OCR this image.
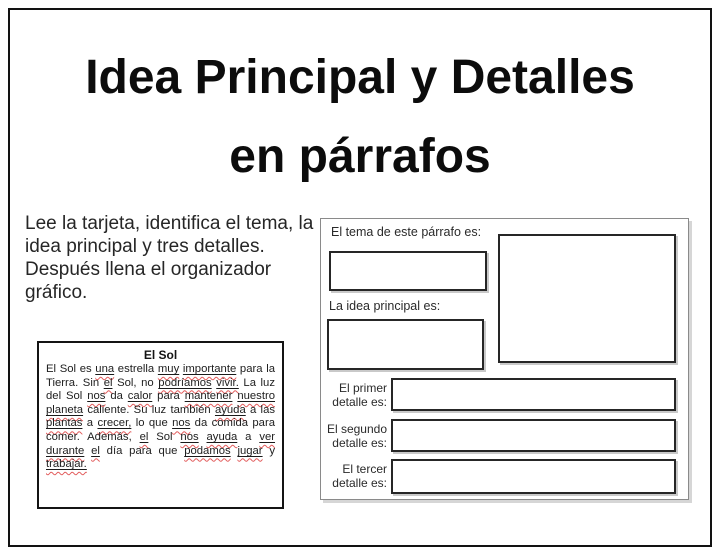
Idea Principal y Detalles
en párrafos
Lee la tarjeta, identifica el tema, la idea principal y tres detalles. Después llena el organizador gráfico.
El Sol
El Sol es una estrella muy importante para la Tierra. Sin el Sol, no podríamos vivir. La luz del Sol nos da calor para mantener nuestro planeta caliente. Su luz también ayuda a las plantas a crecer, lo que nos da comida para comer. Además, el Sol nos ayuda a ver durante el día para que podamos jugar y trabajar.
El tema de este párrafo es:
La idea principal es:
El primer
detalle es:
El segundo
detalle es:
El tercer
detalle es:
